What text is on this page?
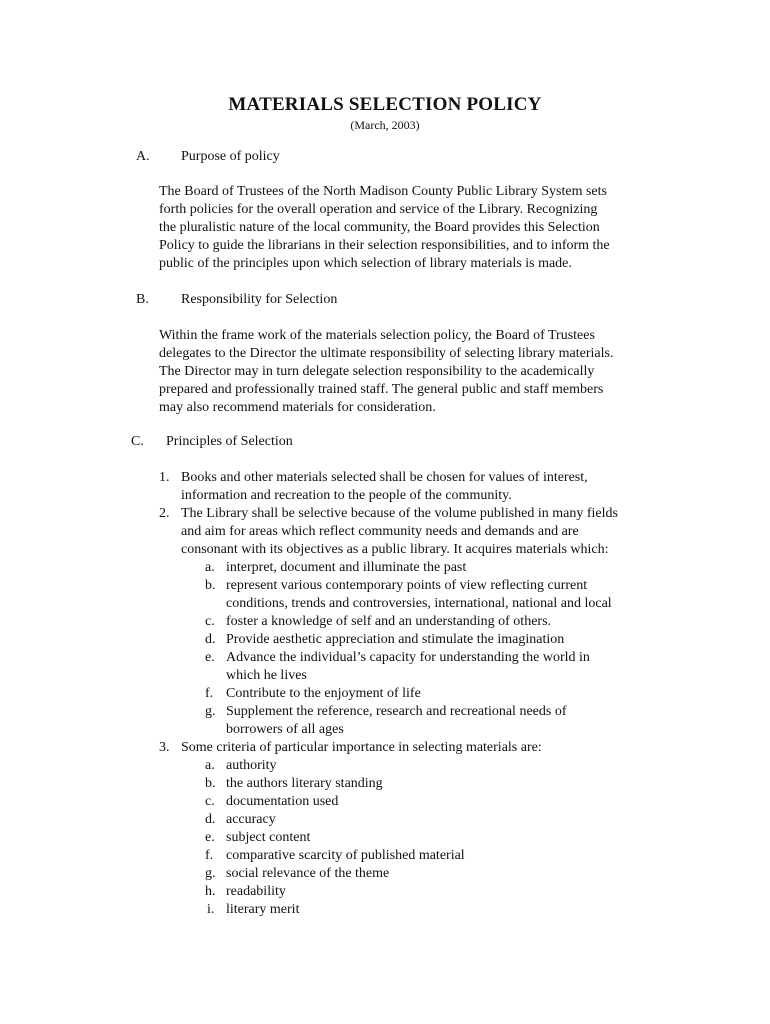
MATERIALS SELECTION POLICY
(March, 2003)
A. Purpose of policy
The Board of Trustees of the North Madison County Public Library System sets
forth policies for the overall operation and service of the Library. Recognizing
the pluralistic nature of the local community, the Board provides this Selection
Policy to guide the librarians in their selection responsibilities, and to inform the
public of the principles upon which selection of library materials is made.
B. Responsibility for Selection
Within the frame work of the materials selection policy, the Board of Trustees
delegates to the Director the ultimate responsibility of selecting library materials.
The Director may in turn delegate selection responsibility to the academically
prepared and professionally trained staff. The general public and staff members
may also recommend materials for consideration.
C. Principles of Selection
1. Books and other materials selected shall be chosen for values of interest,
information and recreation to the people of the community.
2. The Library shall be selective because of the volume published in many fields
and aim for areas which reflect community needs and demands and are
consonant with its objectives as a public library. It acquires materials which:
a. interpret, document and illuminate the past
b. represent various contemporary points of view reflecting current
conditions, trends and controversies, international, national and local
c. foster a knowledge of self and an understanding of others.
d. Provide aesthetic appreciation and stimulate the imagination
e. Advance the individual’s capacity for understanding the world in
which he lives
f. Contribute to the enjoyment of life
g. Supplement the reference, research and recreational needs of
borrowers of all ages
3. Some criteria of particular importance in selecting materials are:
a. authority
b. the authors literary standing
c. documentation used
d. accuracy
e. subject content
f. comparative scarcity of published material
g. social relevance of the theme
h. readability
i. literary merit
